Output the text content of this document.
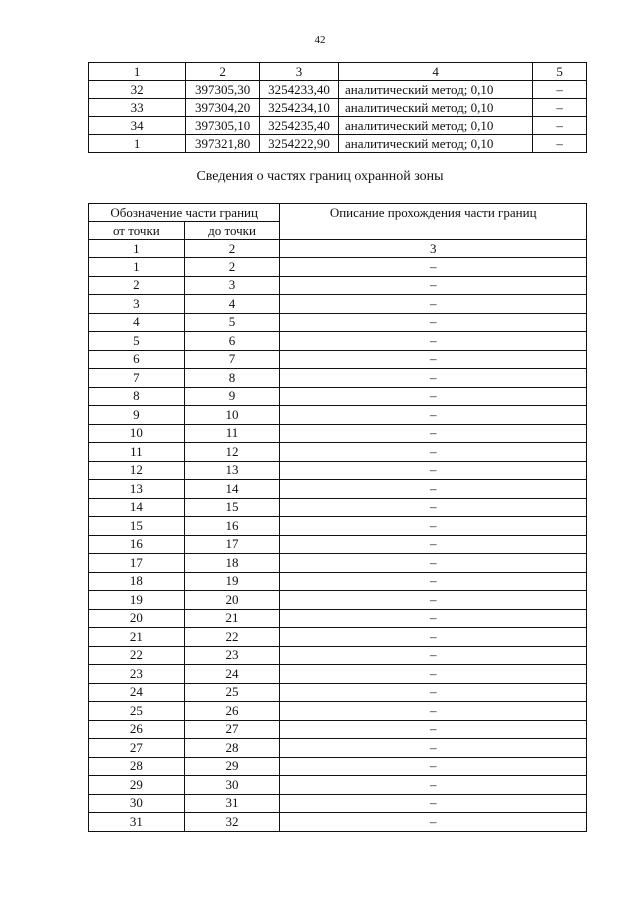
42
1	2	3	4	5
32	397305,30	3254233,40	аналитический метод; 0,10	–
33	397304,20	3254234,10	аналитический метод; 0,10	–
34	397305,10	3254235,40	аналитический метод; 0,10	–
1	397321,80	3254222,90	аналитический метод; 0,10	–
Сведения о частях границ охранной зоны
Обозначение части границ		Описание прохождения части границ
от точки	до точки	
1	2	3
1	2	–
2	3	–
3	4	–
4	5	–
5	6	–
6	7	–
7	8	–
8	9	–
9	10	–
10	11	–
11	12	–
12	13	–
13	14	–
14	15	–
15	16	–
16	17	–
17	18	–
18	19	–
19	20	–
20	21	–
21	22	–
22	23	–
23	24	–
24	25	–
25	26	–
26	27	–
27	28	–
28	29	–
29	30	–
30	31	–
31	32	–
